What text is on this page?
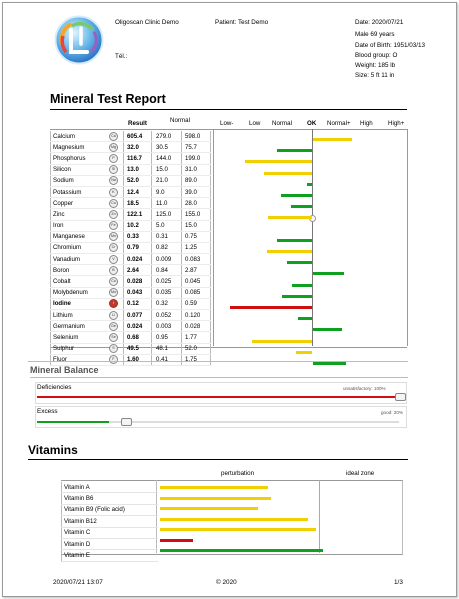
Oligoscan Clinic Demo
Tél.:
Patient: Test Demo	Date: 2020/07/21
Male 69 years
Date of Birth: 1951/03/13
Blood group: O
Weight: 185 lb
Size: 5 ft 11 in
Mineral Test Report
Result	Normal	Low-	Low Normal OK Normal+ High High+
Calcium	Ca	605.4	279.0	598.0
Magnesium	Mg	32.0	30.5	75.7
Phosphorus	P	116.7	144.0	199.0
Silicon	Si	13.0	15.0	31.0
Sodium	Na	52.0	21.0	89.0
Potassium	K	12.4	9.0	39.0
Copper	Cu	18.5	11.0	28.0
Zinc	Zn	122.1	125.0	155.0
Iron	Fe	10.2	5.0	15.0
Manganese	Mn	0.33	0.31	0.75
Chromium	Cr	0.79	0.82	1.25
Vanadium	V	0.024	0.009	0.083
Boron	B	2.64	0.84	2.87
Cobalt	Co	0.028	0.025	0.045
Molybdenum	Mo	0.043	0.035	0.085
Iodine	I	0.12	0.32	0.59
Lithium	Li	0.077	0.052	0.120
Germanium	Ge	0.024	0.003	0.028
Selenium	Se	0.68	0.95	1.77
Sulphur	S	49.5	48.1	52.0
Fluor	F	1.60	0.41	1.75
Mineral Balance
Deficiencies	unsatisfactory: 100%
Excess	good: 20%
Vitamins
perturbation	ideal zone
Vitamin A
Vitamin B6
Vitamin B9 (Folic acid)
Vitamin B12
Vitamin C
Vitamin D
Vitamin E
2020/07/21 13:07	© 2020	1/3
